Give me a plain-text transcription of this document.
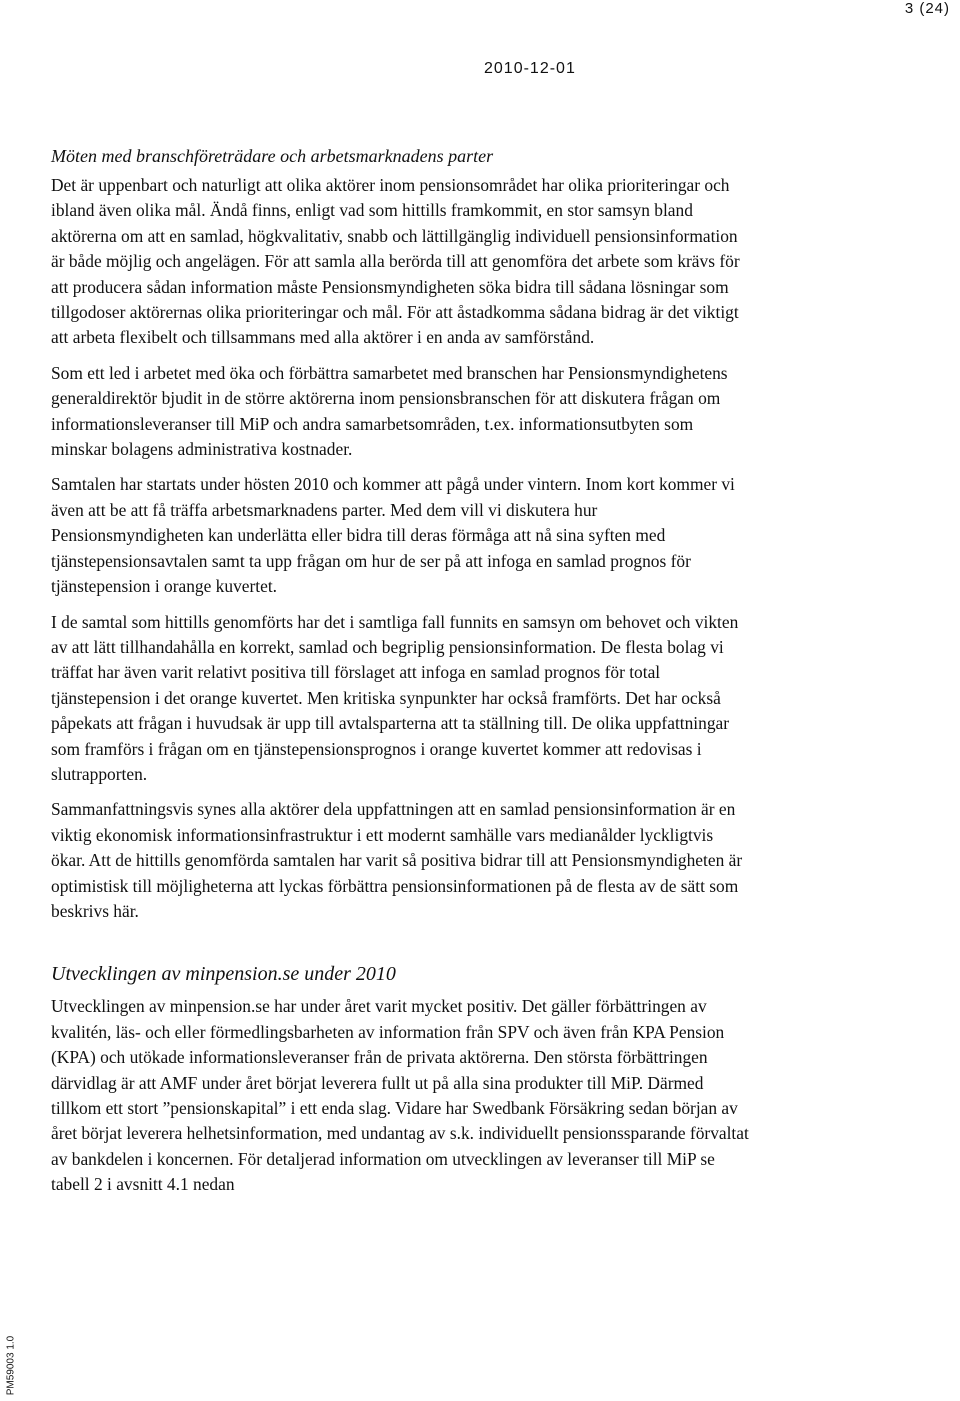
3 (24)
2010-12-01
Möten med branschföreträdare och arbetsmarknadens parter

Det är uppenbart och naturligt att olika aktörer inom pensionsområdet har olika prioriteringar och ibland även olika mål. Ändå finns, enligt vad som hittills framkommit, en stor samsyn bland aktörerna om att en samlad, högkvalitativ, snabb och lättillgänglig individuell pensionsinformation är både möjlig och angelägen. För att samla alla berörda till att genomföra det arbete som krävs för att producera sådan information måste Pensionsmyndigheten söka bidra till sådana lösningar som tillgodoser aktörernas olika prioriteringar och mål. För att åstadkomma sådana bidrag är det viktigt att arbeta flexibelt och tillsammans med alla aktörer i en anda av samförstånd.

Som ett led i arbetet med öka och förbättra samarbetet med branschen har Pensionsmyndighetens generaldirektör bjudit in de större aktörerna inom pensionsbranschen för att diskutera frågan om informationsleveranser till MiP och andra samarbetsområden, t.ex. informationsutbyten som minskar bolagens administrativa kostnader.

Samtalen har startats under hösten 2010 och kommer att pågå under vintern. Inom kort kommer vi även att be att få träffa arbetsmarknadens parter. Med dem vill vi diskutera hur Pensionsmyndigheten kan underlätta eller bidra till deras förmåga att nå sina syften med tjänstepensionsavtalen samt ta upp frågan om hur de ser på att infoga en samlad prognos för tjänstepension i orange kuvertet.

I de samtal som hittills genomförts har det i samtliga fall funnits en samsyn om behovet och vikten av att lätt tillhandahålla en korrekt, samlad och begriplig pensionsinformation. De flesta bolag vi träffat har även varit relativt positiva till förslaget att infoga en samlad prognos för total tjänstepension i det orange kuvertet. Men kritiska synpunkter har också framförts. Det har också påpekats att frågan i huvudsak är upp till avtalsparterna att ta ställning till. De olika uppfattningar som framförs i frågan om en tjänstepensionsprognos i orange kuvertet kommer att redovisas i slutrapporten.

Sammanfattningsvis synes alla aktörer dela uppfattningen att en samlad pensionsinformation är en viktig ekonomisk informationsinfrastruktur i ett modernt samhälle vars medianålder lyckligtvis ökar. Att de hittills genomförda samtalen har varit så positiva bidrar till att Pensionsmyndigheten är optimistisk till möjligheterna att lyckas förbättra pensionsinformationen på de flesta av de sätt som beskrivs här.

Utvecklingen av minpension.se under 2010

Utvecklingen av minpension.se har under året varit mycket positiv. Det gäller förbättringen av kvalitén, läs- och eller förmedlingsbarheten av information från SPV och även från KPA Pension (KPA) och utökade informationsleveranser från de privata aktörerna. Den största förbättringen därvidlag är att AMF under året börjat leverera fullt ut på alla sina produkter till MiP. Därmed tillkom ett stort ”pensionskapital” i ett enda slag. Vidare har Swedbank Försäkring sedan början av året börjat leverera helhetsinformation, med undantag av s.k. individuellt pensionssparande förvaltat av bankdelen i koncernen. För detaljerad information om utvecklingen av leveranser till MiP se tabell 2 i avsnitt 4.1 nedan

PM59003 1.0
